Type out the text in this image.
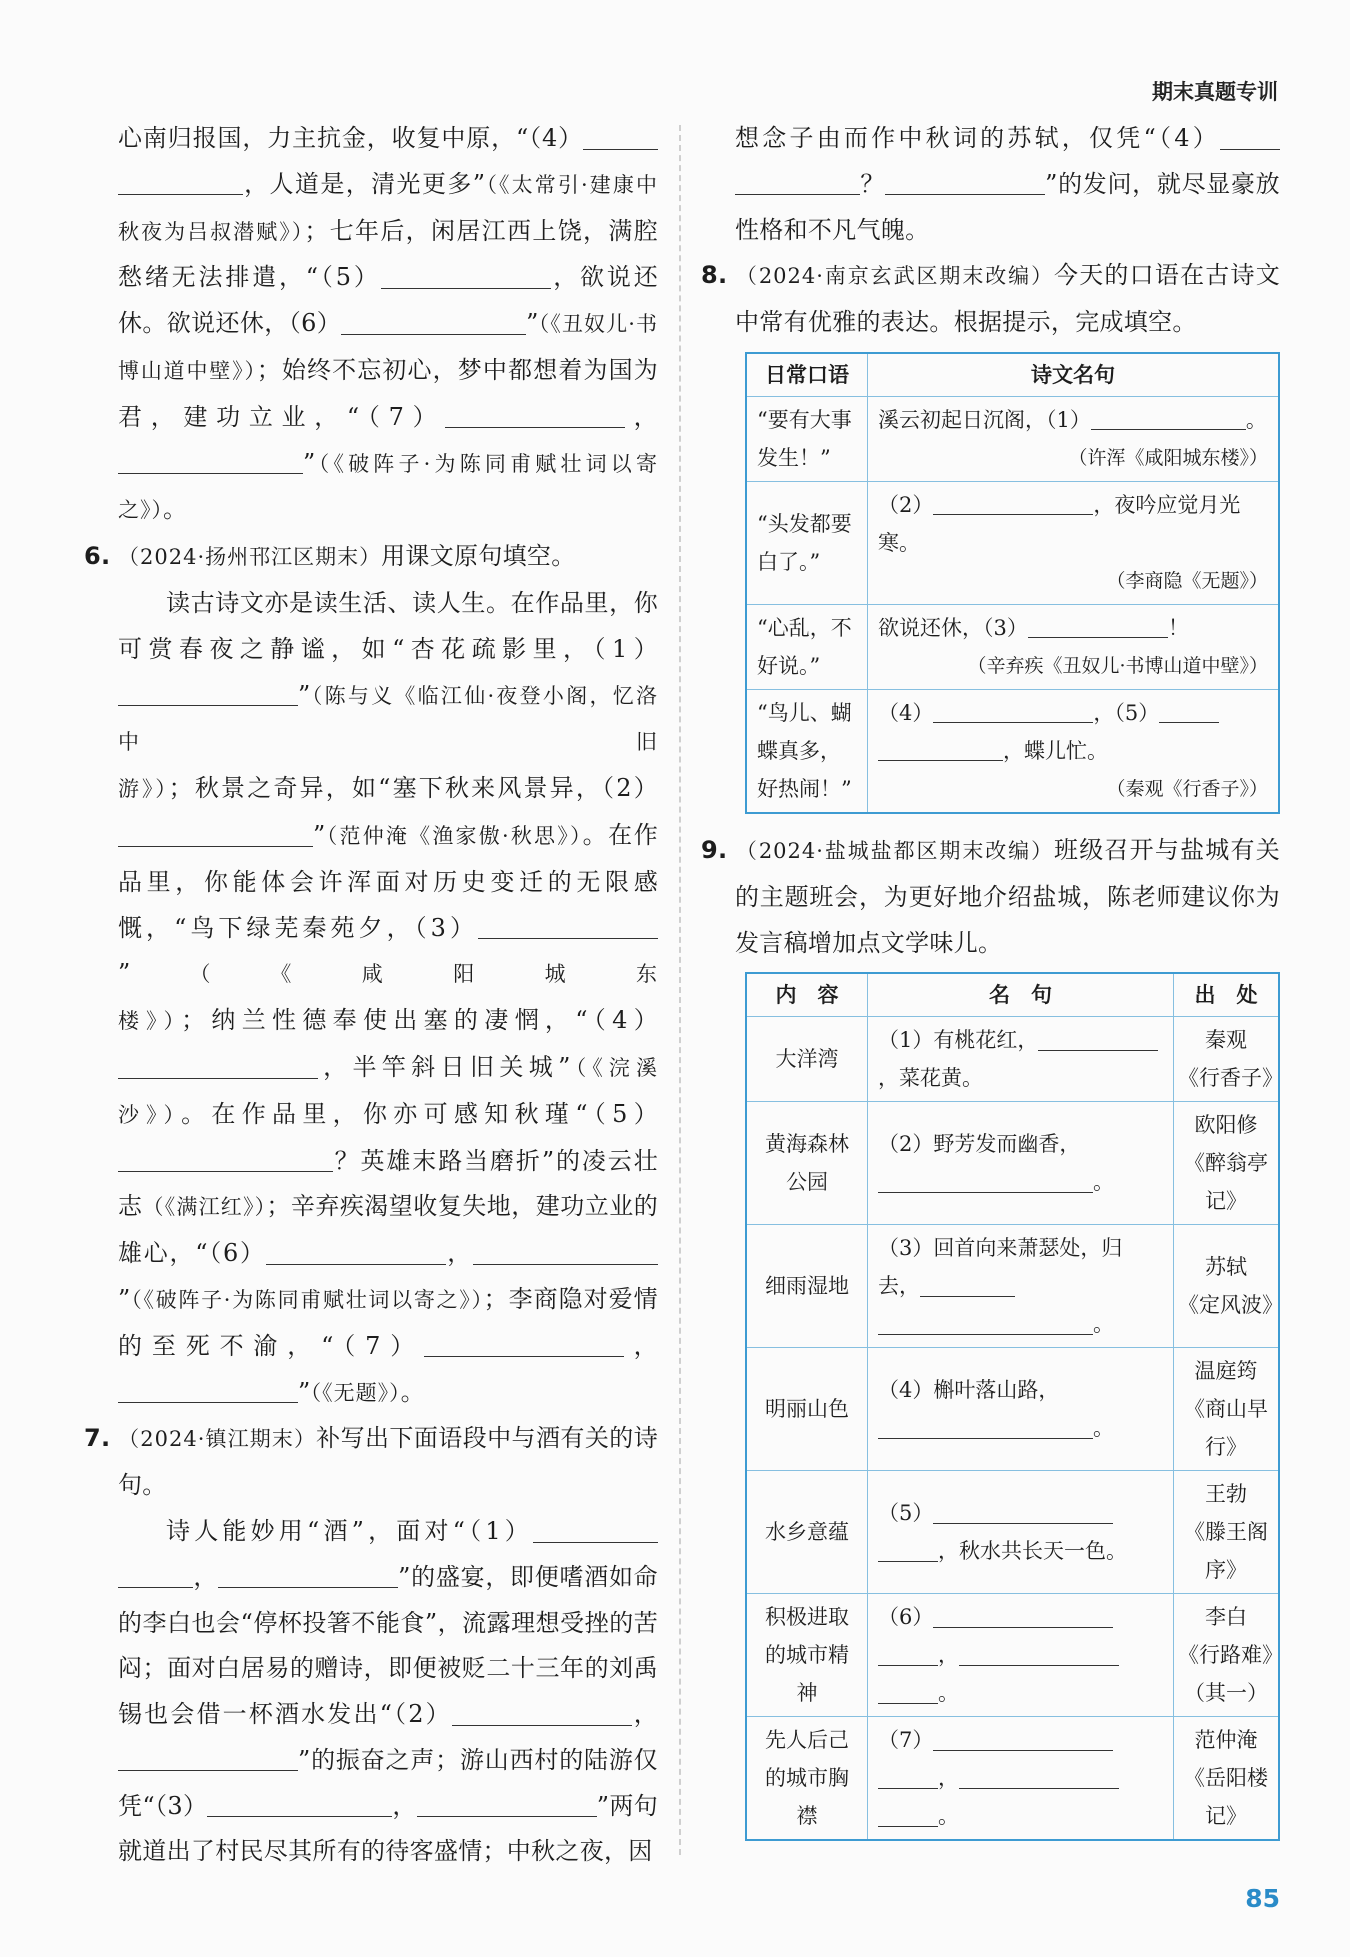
期末真题专训

心南归报国，力主抗金，收复中原，“（4），人道是，清光更多”（《太常引·建康中秋夜为吕叔潜赋》）；七年后，闲居江西上饶，满腔愁绪无法排遣，“（5）	，欲说还休。欲说还休，（6）	”（《丑奴儿·书博山道中壁》）；始终不忘初心，梦中都想着为国为君，建功立业，“（7）	，”（《破阵子·为陈同甫赋壮词以寄之》）。

6. （2024·扬州邗江区期末）用课文原句填空。

读古诗文亦是读生活、读人生。在作品里，你可赏春夜之静谧，如“杏花疏影里，（1）”（陈与义《临江仙·夜登小阁，忆洛中旧游》）；秋景之奇异，如“塞下秋来风景异，（2）”（范仲淹《渔家傲·秋思》）。在作品里，你能体会许浑面对历史变迁的无限感慨，“鸟下绿芜秦苑夕，（3）”（《咸阳城东楼》）；纳兰性德奉使出塞的凄惘，“（4），半竿斜日旧关城”（《浣溪沙》）。在作品里，你亦可感知秋瑾“（5）？英雄末路当磨折”的凌云壮志（《满江红》）；辛弃疾渴望收复失地，建功立业的雄心，“（6）	，”（《破阵子·为陈同甫赋壮词以寄之》）；李商隐对爱情的至死不渝，“（7）	，”（《无题》）。

7. （2024·镇江期末）补写出下面语段中与酒有关的诗句。

诗人能妙用“酒”，面对“（1），	”的盛宴，即便嗜酒如命的李白也会“停杯投箸不能食”，流露理想受挫的苦闷；面对白居易的赠诗，即便被贬二十三年的刘禹锡也会借一杯酒水发出“（2）	，”的振奋之声；游山西村的陆游仅凭“（3）	，	”两句就道出了村民尽其所有的待客盛情；中秋之夜，因

想念子由而作中秋词的苏轼，仅凭“（4）？	”的发问，就尽显豪放性格和不凡气魄。

8. （2024·南京玄武区期末改编）今天的口语在古诗文中常有优雅的表达。根据提示，完成填空。

日常口语	诗文名句
“要有大事发生！”	溪云初起日沉阁，（1） 。
（许浑《咸阳城东楼》）

“头发都要白了。”	（2） ，夜吟应觉月光寒。
（李商隐《无题》）

“心乱，不好说。”	欲说还休，（3） ！
（辛弃疾《丑奴儿·书博山道中壁》）

“鸟儿、蝴蝶真多，好热闹！”	（4） ，（5），蝶儿忙。
（秦观《行香子》）

9. （2024·盐城盐都区期末改编）班级召开与盐城有关的主题班会，为更好地介绍盐城，陈老师建议你为发言稿增加点文学味儿。

内　容	名　句	出　处
大洋湾	（1）有桃花红，，菜花黄。	秦观
《行香子》

黄海森林公园	（2）野芳发而幽香，。	欧阳修
《醉翁亭记》

细雨湿地	（3）回首向来萧瑟处，归去，。	苏轼
《定风波》

明丽山色	（4）槲叶落山路，。	温庭筠
《商山早行》

水乡意蕴	（5），秋水共长天一色。	王勃
《滕王阁序》

积极进取的城市精神	（6），。	李白
《行路难》
（其一）

先人后己的城市胸襟	（7），。	范仲淹
《岳阳楼记》
85
